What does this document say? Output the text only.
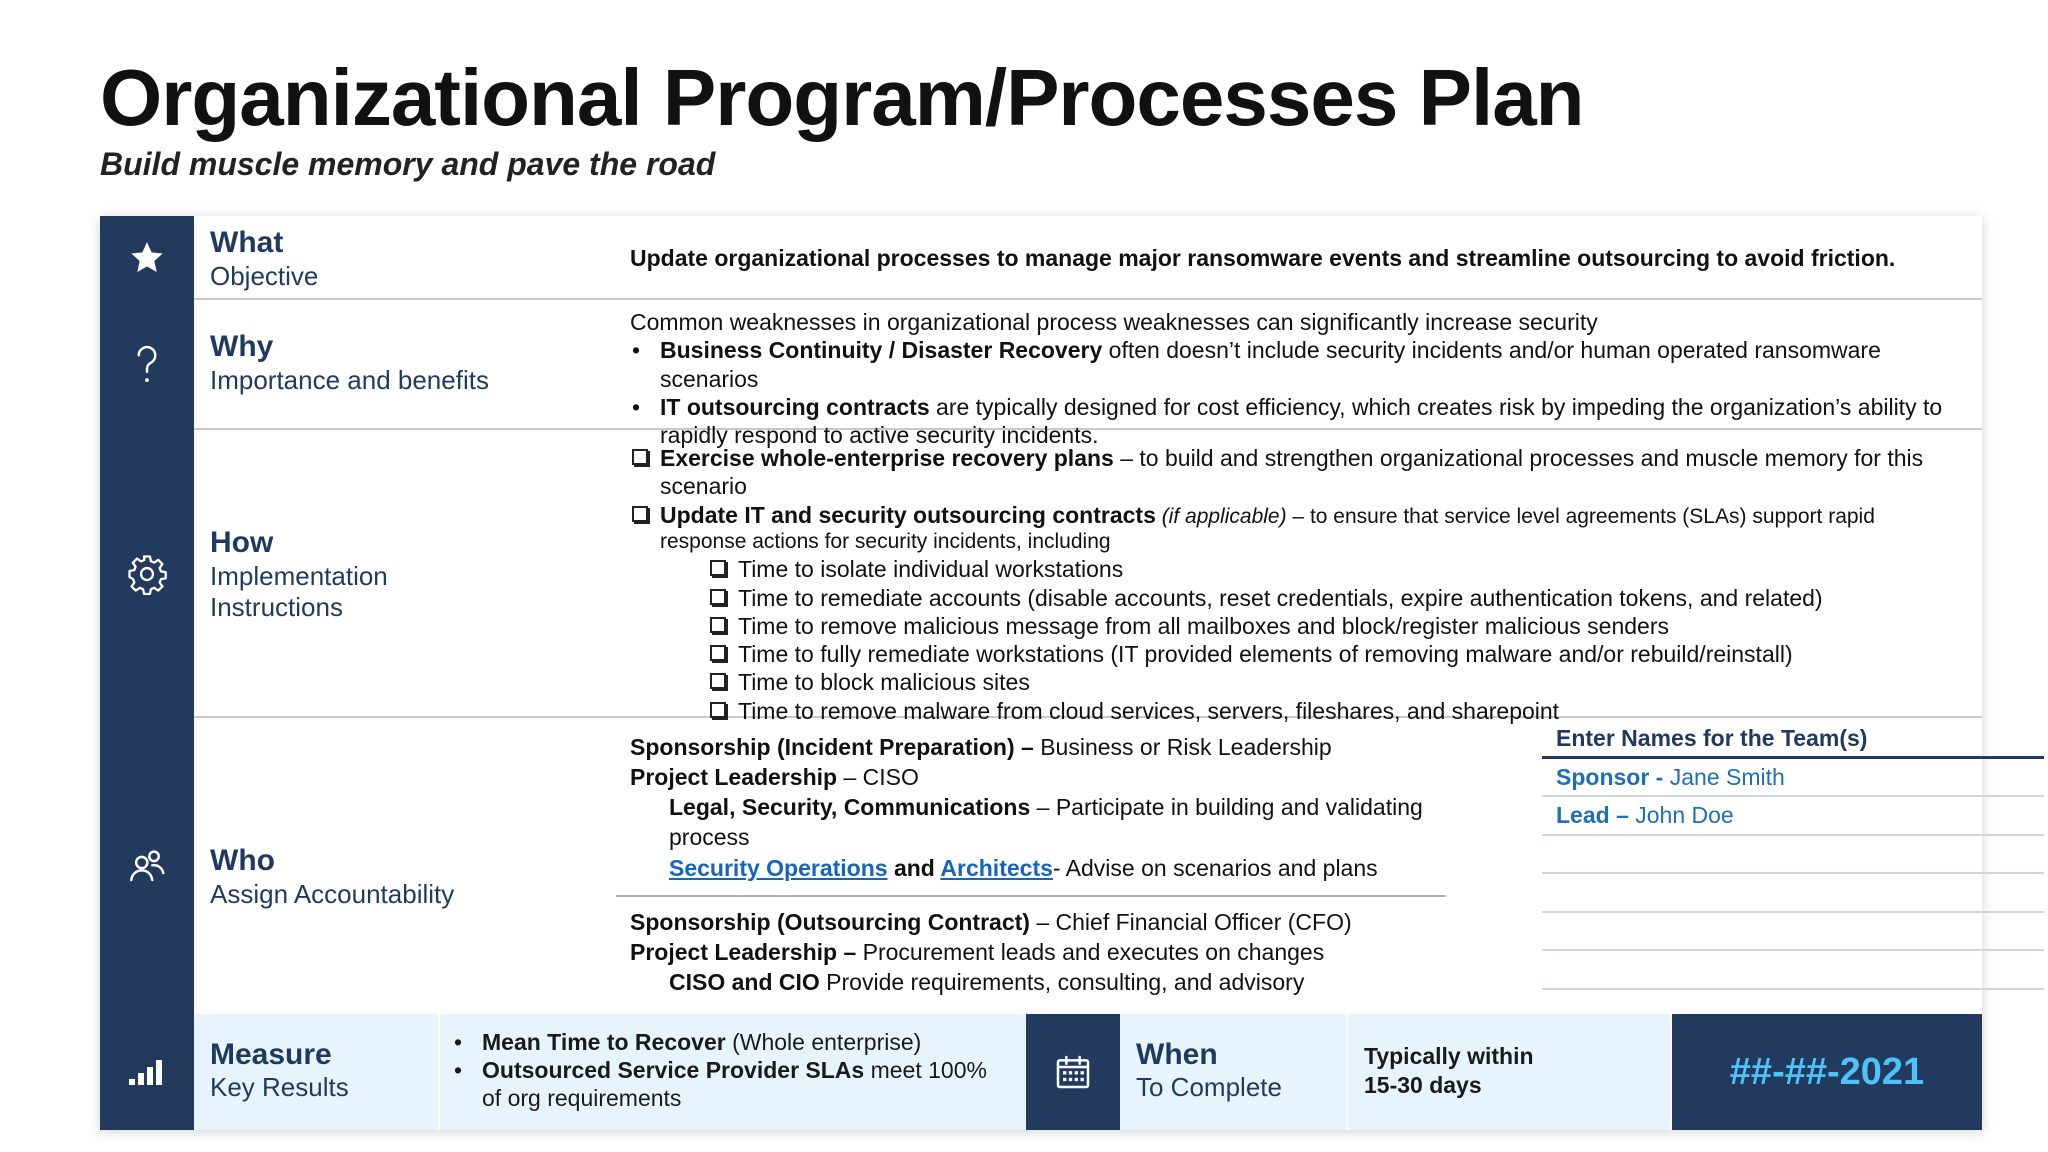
Organizational Program/Processes Plan
Build muscle memory and pave the road
What
Objective
Update organizational processes to manage major ransomware events and streamline outsourcing to avoid friction.
Why
Importance and benefits
Common weaknesses in organizational process weaknesses can significantly increase security
• Business Continuity / Disaster Recovery often doesn’t include security incidents and/or human operated ransomware scenarios
• IT outsourcing contracts are typically designed for cost efficiency, which creates risk by impeding the organization’s ability to rapidly respond to active security incidents.
How
Implementation
Instructions
Exercise whole-enterprise recovery plans – to build and strengthen organizational processes and muscle memory for this scenario
Update IT and security outsourcing contracts (if applicable) – to ensure that service level agreements (SLAs) support rapid response actions for security incidents, including
Time to isolate individual workstations
Time to remediate accounts (disable accounts, reset credentials, expire authentication tokens, and related)
Time to remove malicious message from all mailboxes and block/register malicious senders
Time to fully remediate workstations (IT provided elements of removing malware and/or rebuild/reinstall)
Time to block malicious sites
Time to remove malware from cloud services, servers, fileshares, and sharepoint
Who
Assign Accountability
Sponsorship (Incident Preparation) – Business or Risk Leadership
Project Leadership – CISO
Legal, Security, Communications – Participate in building and validating process
Security Operations and Architects- Advise on scenarios and plans
Sponsorship (Outsourcing Contract) – Chief Financial Officer (CFO)
Project Leadership – Procurement leads and executes on changes
CISO and CIO Provide requirements, consulting, and advisory
Enter Names for the Team(s)
Sponsor - Jane Smith
Lead – John Doe
Measure
Key Results
• Mean Time to Recover (Whole enterprise)
• Outsourced Service Provider SLAs meet 100% of org requirements
When
To Complete
Typically within
15-30 days	##-##-2021
